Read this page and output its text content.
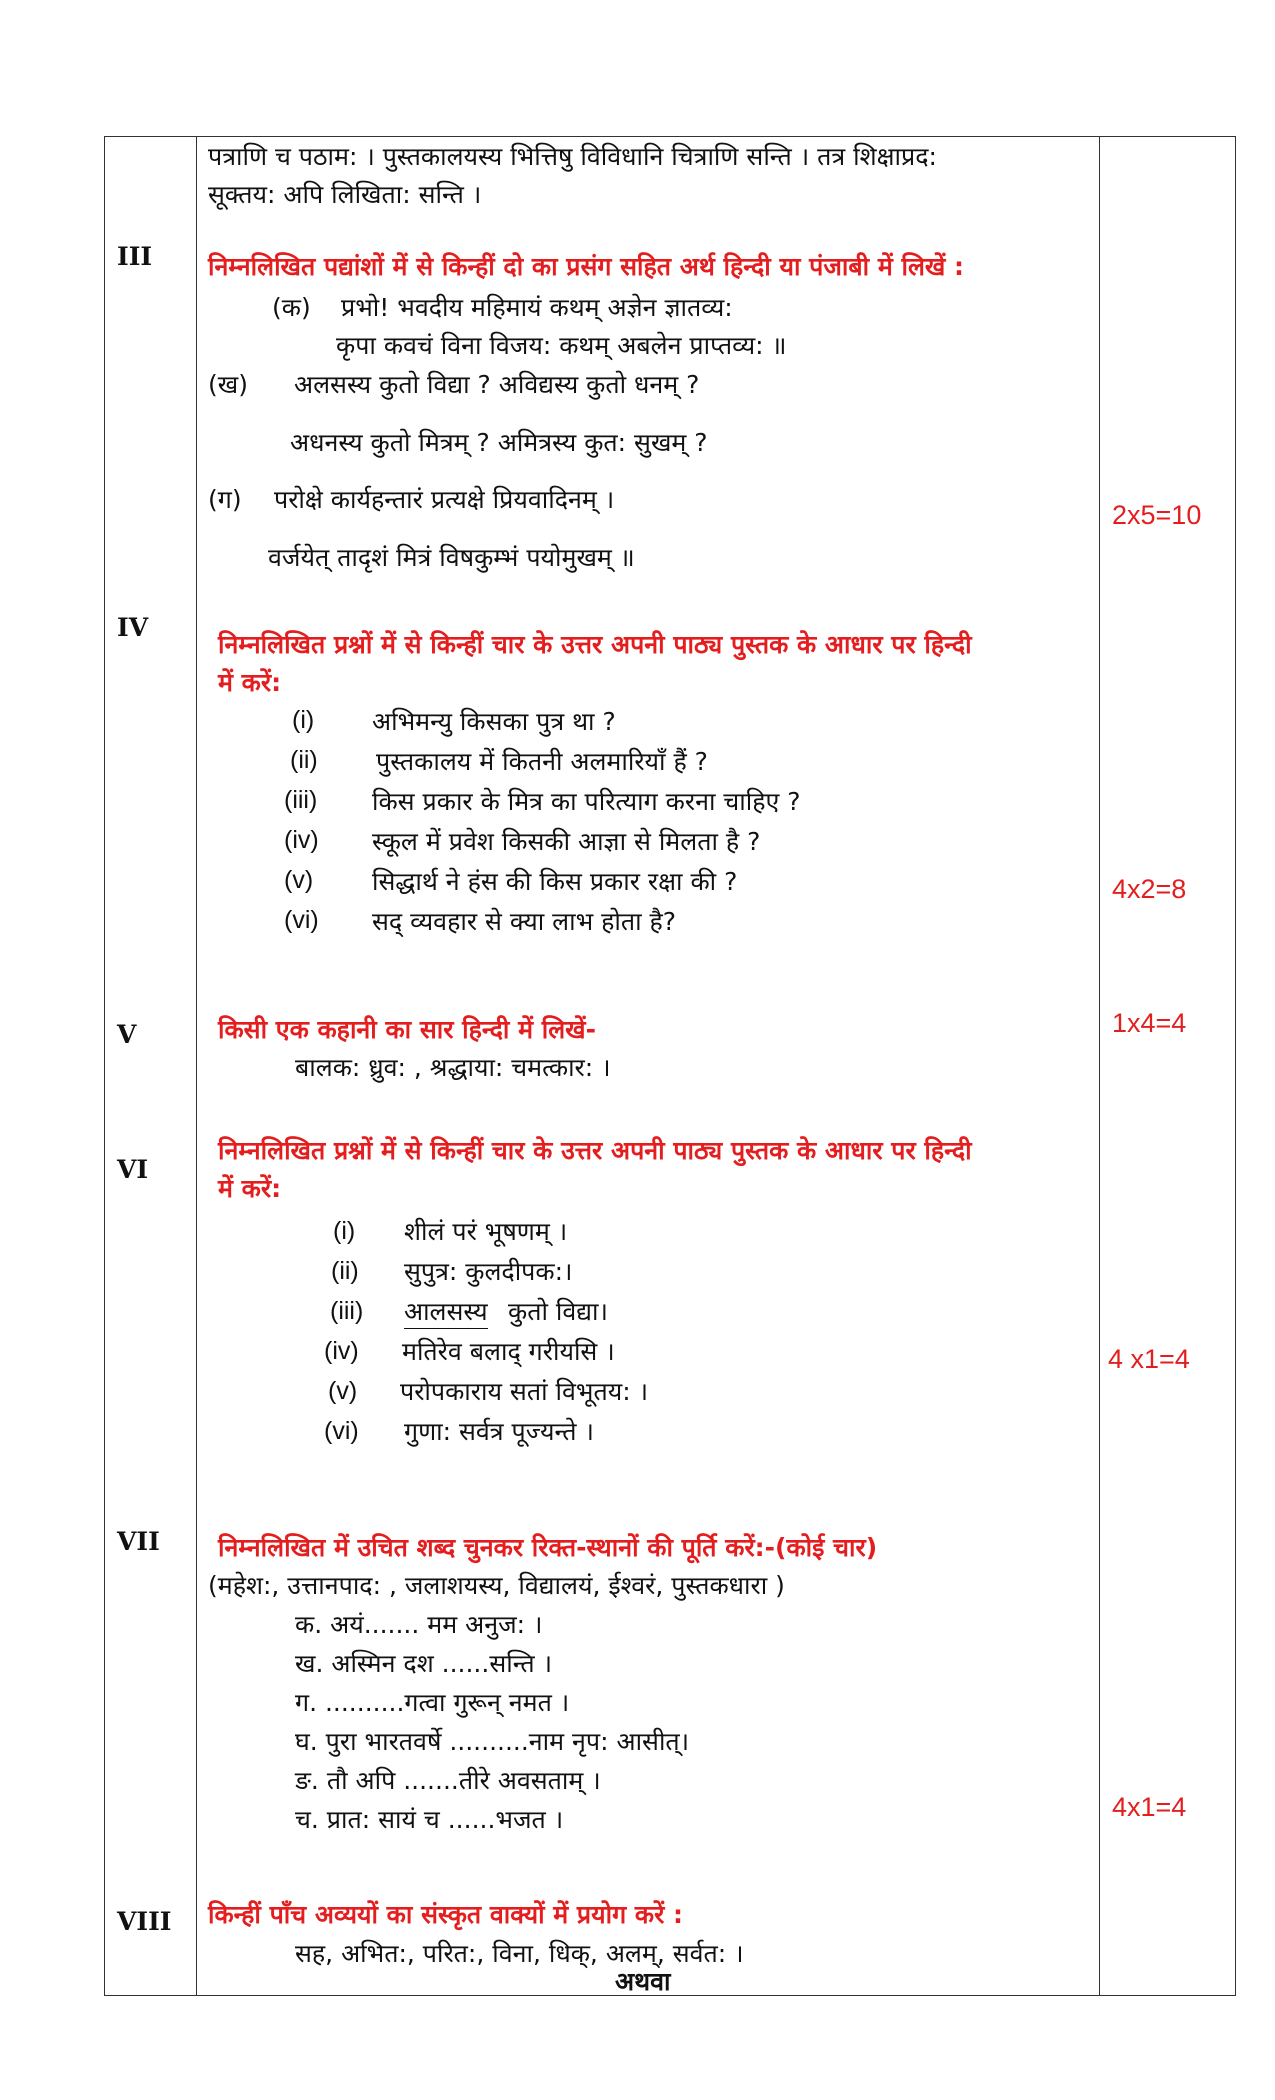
पत्राणि च पठाम: । पुस्तकालयस्य भित्तिषु विविधानि चित्राणि सन्ति । तत्र शिक्षाप्रद:
सूक्तय: अपि लिखिता: सन्ति ।
III निम्नलिखित पद्यांशों में से किन्हीं दो का प्रसंग सहित अर्थ हिन्दी या पंजाबी में लिखें :
(क) प्रभो! भवदीय महिमायं कथम् अज्ञेन ज्ञातव्य:
कृपा कवचं विना विजय: कथम् अबलेन प्राप्तव्य: ॥
(ख) अलसस्य कुतो विद्या ? अविद्यस्य कुतो धनम् ?
अधनस्य कुतो मित्रम् ? अमित्रस्य कुत: सुखम् ?
(ग) परोक्षे कार्यहन्तारं प्रत्यक्षे प्रियवादिनम् ।
वर्जयेत् तादृशं मित्रं विषकुम्भं पयोमुखम् ॥
2x5=10
IV
निम्नलिखित प्रश्नों में से किन्हीं चार के उत्तर अपनी पाठ्य पुस्तक के आधार पर हिन्दी
में करें:
(i) अभिमन्यु किसका पुत्र था ?
(ii) पुस्तकालय में कितनी अलमारियाँ हैं ?
(iii) किस प्रकार के मित्र का परित्याग करना चाहिए ?
(iv) स्कूल में प्रवेश किसकी आज्ञा से मिलता है ?
(v) सिद्धार्थ ने हंस की किस प्रकार रक्षा की ?
(vi) सद् व्यवहार से क्या लाभ होता है?
4x2=8
V	किसी एक कहानी का सार हिन्दी में लिखें-
बालक: ध्रुव: , श्रद्धाया: चमत्कार: ।
1x4=4
VI
निम्नलिखित प्रश्नों में से किन्हीं चार के उत्तर अपनी पाठ्य पुस्तक के आधार पर हिन्दी
में करें:
(i) शीलं परं भूषणम् ।
(ii) सुपुत्र: कुलदीपक:।
(iii) आलसस्य कुतो विद्या।
(iv) मतिरेव बलाद् गरीयसि ।
(v) परोपकाराय सतां विभूतय: ।
(vi) गुणा: सर्वत्र पूज्यन्ते ।
4 x1=4
VII निम्नलिखित में उचित शब्द चुनकर रिक्त-स्थानों की पूर्ति करें:-(कोई चार)
(महेश:, उत्तानपाद: , जलाशयस्य, विद्यालयं, ईश्वरं, पुस्तकधारा )
क. अयं....... मम अनुज: ।
ख. अस्मिन दश ......सन्ति ।
ग. ..........गत्वा गुरून् नमत ।
घ. पुरा भारतवर्षे ..........नाम नृप: आसीत्।
ङ. तौ अपि .......तीरे अवसताम् ।
च. प्रात: सायं च ......भजत ।	4x1=4
VIII किन्हीं पाँच अव्ययों का संस्कृत वाक्यों में प्रयोग करें :
सह, अभित:, परित:, विना, धिक्, अलम्, सर्वत: ।
अथवा
